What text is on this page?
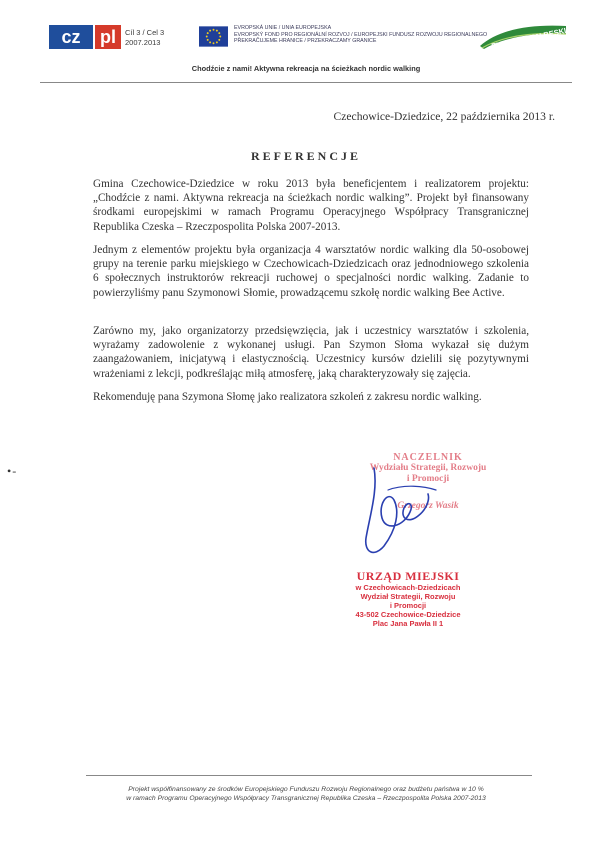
cz	pl	Cíl 3 / Cel 3
2007.2013
EVROPSKÁ UNIE / UNIA EUROPEJSKA
EVROPSKÝ FOND PRO REGIONÁLNÍ ROZVOJ / EUROPEJSKI FUNDUSZ ROZWOJU REGIONALNEGO
PŘEKRAČUJEME HRANICE / PRZEKRACZAMY GRANICE	EUROREGION BESKIDY
Chodźcie z nami! Aktywna rekreacja na ścieżkach nordic walking
Czechowice-Dziedzice, 22 października 2013 r.
REFERENCJE
Gmina Czechowice-Dziedzice w roku 2013 była beneficjentem i realizatorem projektu: „Chodźcie z nami. Aktywna rekreacja na ścieżkach nordic walking”. Projekt był finansowany środkami europejskimi w ramach Programu Operacyjnego Współpracy Transgranicznej Republika Czeska – Rzeczpospolita Polska 2007-2013.
Jednym z elementów projektu była organizacja 4 warsztatów nordic walking dla 50-osobowej grupy na terenie parku miejskiego w Czechowicach-Dziedzicach oraz jednodniowego szkolenia 6 społecznych instruktorów rekreacji ruchowej o specjalności nordic walking. Zadanie to powierzyliśmy panu Szymonowi Słomie, prowadzącemu szkołę nordic walking Bee Active.
Zarówno my, jako organizatorzy przedsięwzięcia, jak i uczestnicy warsztatów i szkolenia, wyrażamy zadowolenie z wykonanej usługi. Pan Szymon Słoma wykazał się dużym zaangażowaniem, inicjatywą i elastycznością. Uczestnicy kursów dzielili się pozytywnymi wrażeniami z lekcji, podkreślając miłą atmosferę, jaką charakteryzowały się zajęcia.
Rekomenduję pana Szymona Słomę jako realizatora szkoleń z zakresu nordic walking.
•-
NACZELNIK
Wydziału Strategii, Rozwoju
i Promocji
Grzegorz Wasik
URZĄD MIEJSKI
w Czechowicach-Dziedzicach
Wydział Strategii, Rozwoju
i Promocji
43-502 Czechowice-Dziedzice
Plac Jana Pawła II 1
Projekt współfinansowany ze środków Europejskiego Funduszu Rozwoju Regionalnego oraz budżetu państwa w 10 %
w ramach Programu Operacyjnego Współpracy Transgranicznej Republika Czeska – Rzeczpospolita Polska 2007-2013
